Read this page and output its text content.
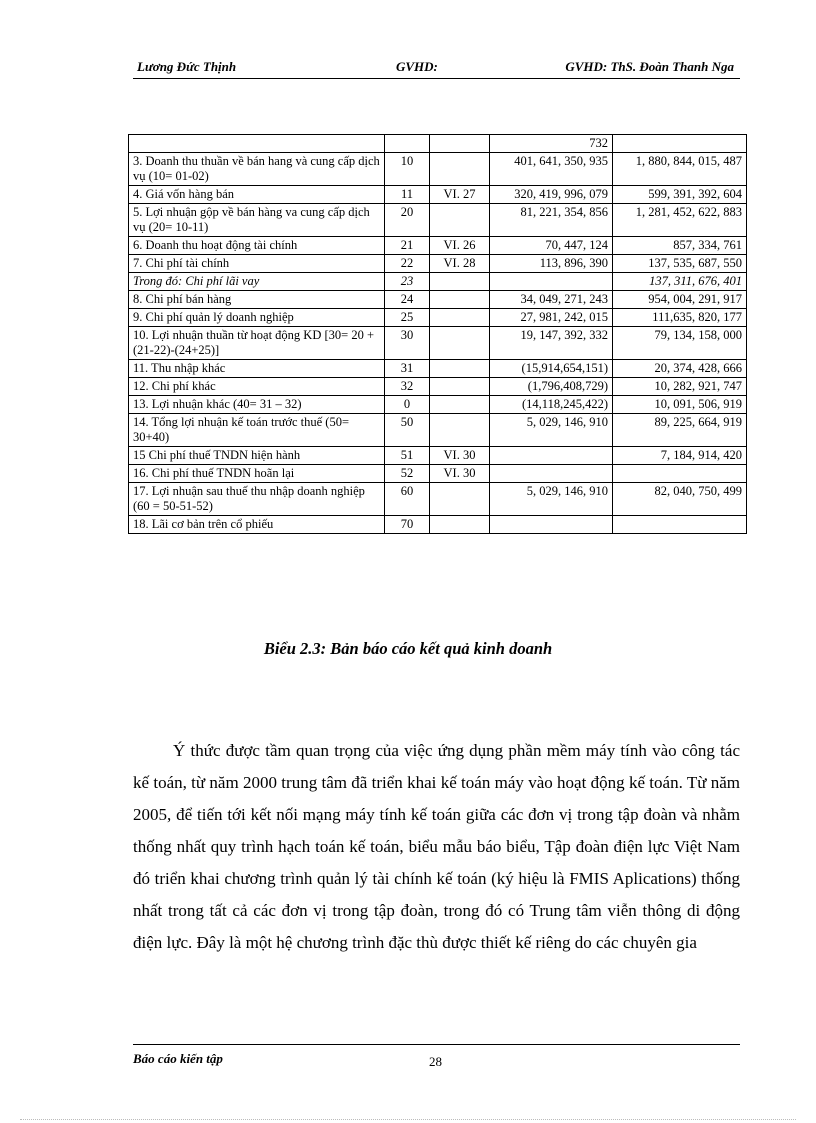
Lương Đức Thịnh	GVHD:	GVHD: ThS. Đoàn Thanh Nga
			732	
3. Doanh thu thuần về bán hang và cung cấp dịch vụ (10= 01-02)	10		401, 641, 350, 935	1, 880, 844, 015, 487
4. Giá vốn hàng bán	11	VI. 27	320, 419, 996, 079	599, 391, 392, 604
5. Lợi nhuận gộp về bán hàng va cung cấp dịch vụ (20= 10-11)	20		81, 221, 354, 856	1, 281, 452, 622, 883
6. Doanh thu hoạt động tài chính	21	VI. 26	70, 447, 124	857, 334, 761
7. Chi phí tài chính	22	VI. 28	113, 896, 390	137, 535, 687, 550
Trong đó: Chi phí lãi vay	23			137, 311, 676, 401
8. Chi phí bán hàng	24		34, 049, 271, 243	954, 004, 291, 917
9. Chi phí quản lý doanh nghiệp	25		27, 981, 242, 015	111,635, 820, 177
10. Lợi nhuận thuần từ hoạt động KD [30= 20 + (21-22)-(24+25)]	30		19, 147, 392, 332	79, 134, 158, 000
11. Thu nhập khác	31		(15,914,654,151)	20, 374, 428, 666
12. Chi phí khác	32		(1,796,408,729)	10, 282, 921, 747
13. Lợi nhuận khác (40= 31 – 32)	0		(14,118,245,422)	10, 091, 506, 919
14. Tổng lợi nhuận kế toán trước thuế (50= 30+40)	50		5, 029, 146, 910	89, 225, 664, 919
15 Chi phí thuế TNDN hiện hành	51	VI. 30		7, 184, 914, 420
16. Chi phí thuế TNDN hoãn lại	52	VI. 30		
17. Lợi nhuận sau thuế thu nhập doanh nghiệp (60 = 50-51-52)	60		5, 029, 146, 910	82, 040, 750, 499
18. Lãi cơ bản trên cổ phiếu	70			
Biểu 2.3: Bản báo cáo kết quả kinh doanh

Ý thức được tầm quan trọng của việc ứng dụng phần mềm máy tính vào công tác kế toán, từ năm 2000 trung tâm đã triển khai kế toán máy vào hoạt động kế toán. Từ năm 2005, để tiến tới kết nối mạng máy tính kế toán giữa các đơn vị trong tập đoàn và nhằm thống nhất quy trình hạch toán kế toán, biểu mẫu báo biểu, Tập đoàn điện lực Việt Nam đó triển khai chương trình quản lý tài chính kế toán (ký hiệu là FMIS Aplications) thống nhất trong tất cả các đơn vị trong tập đoàn, trong đó có Trung tâm viễn thông di động điện lực. Đây là một hệ chương trình đặc thù được thiết kế riêng do các chuyên gia

Báo cáo kiến tập	28
